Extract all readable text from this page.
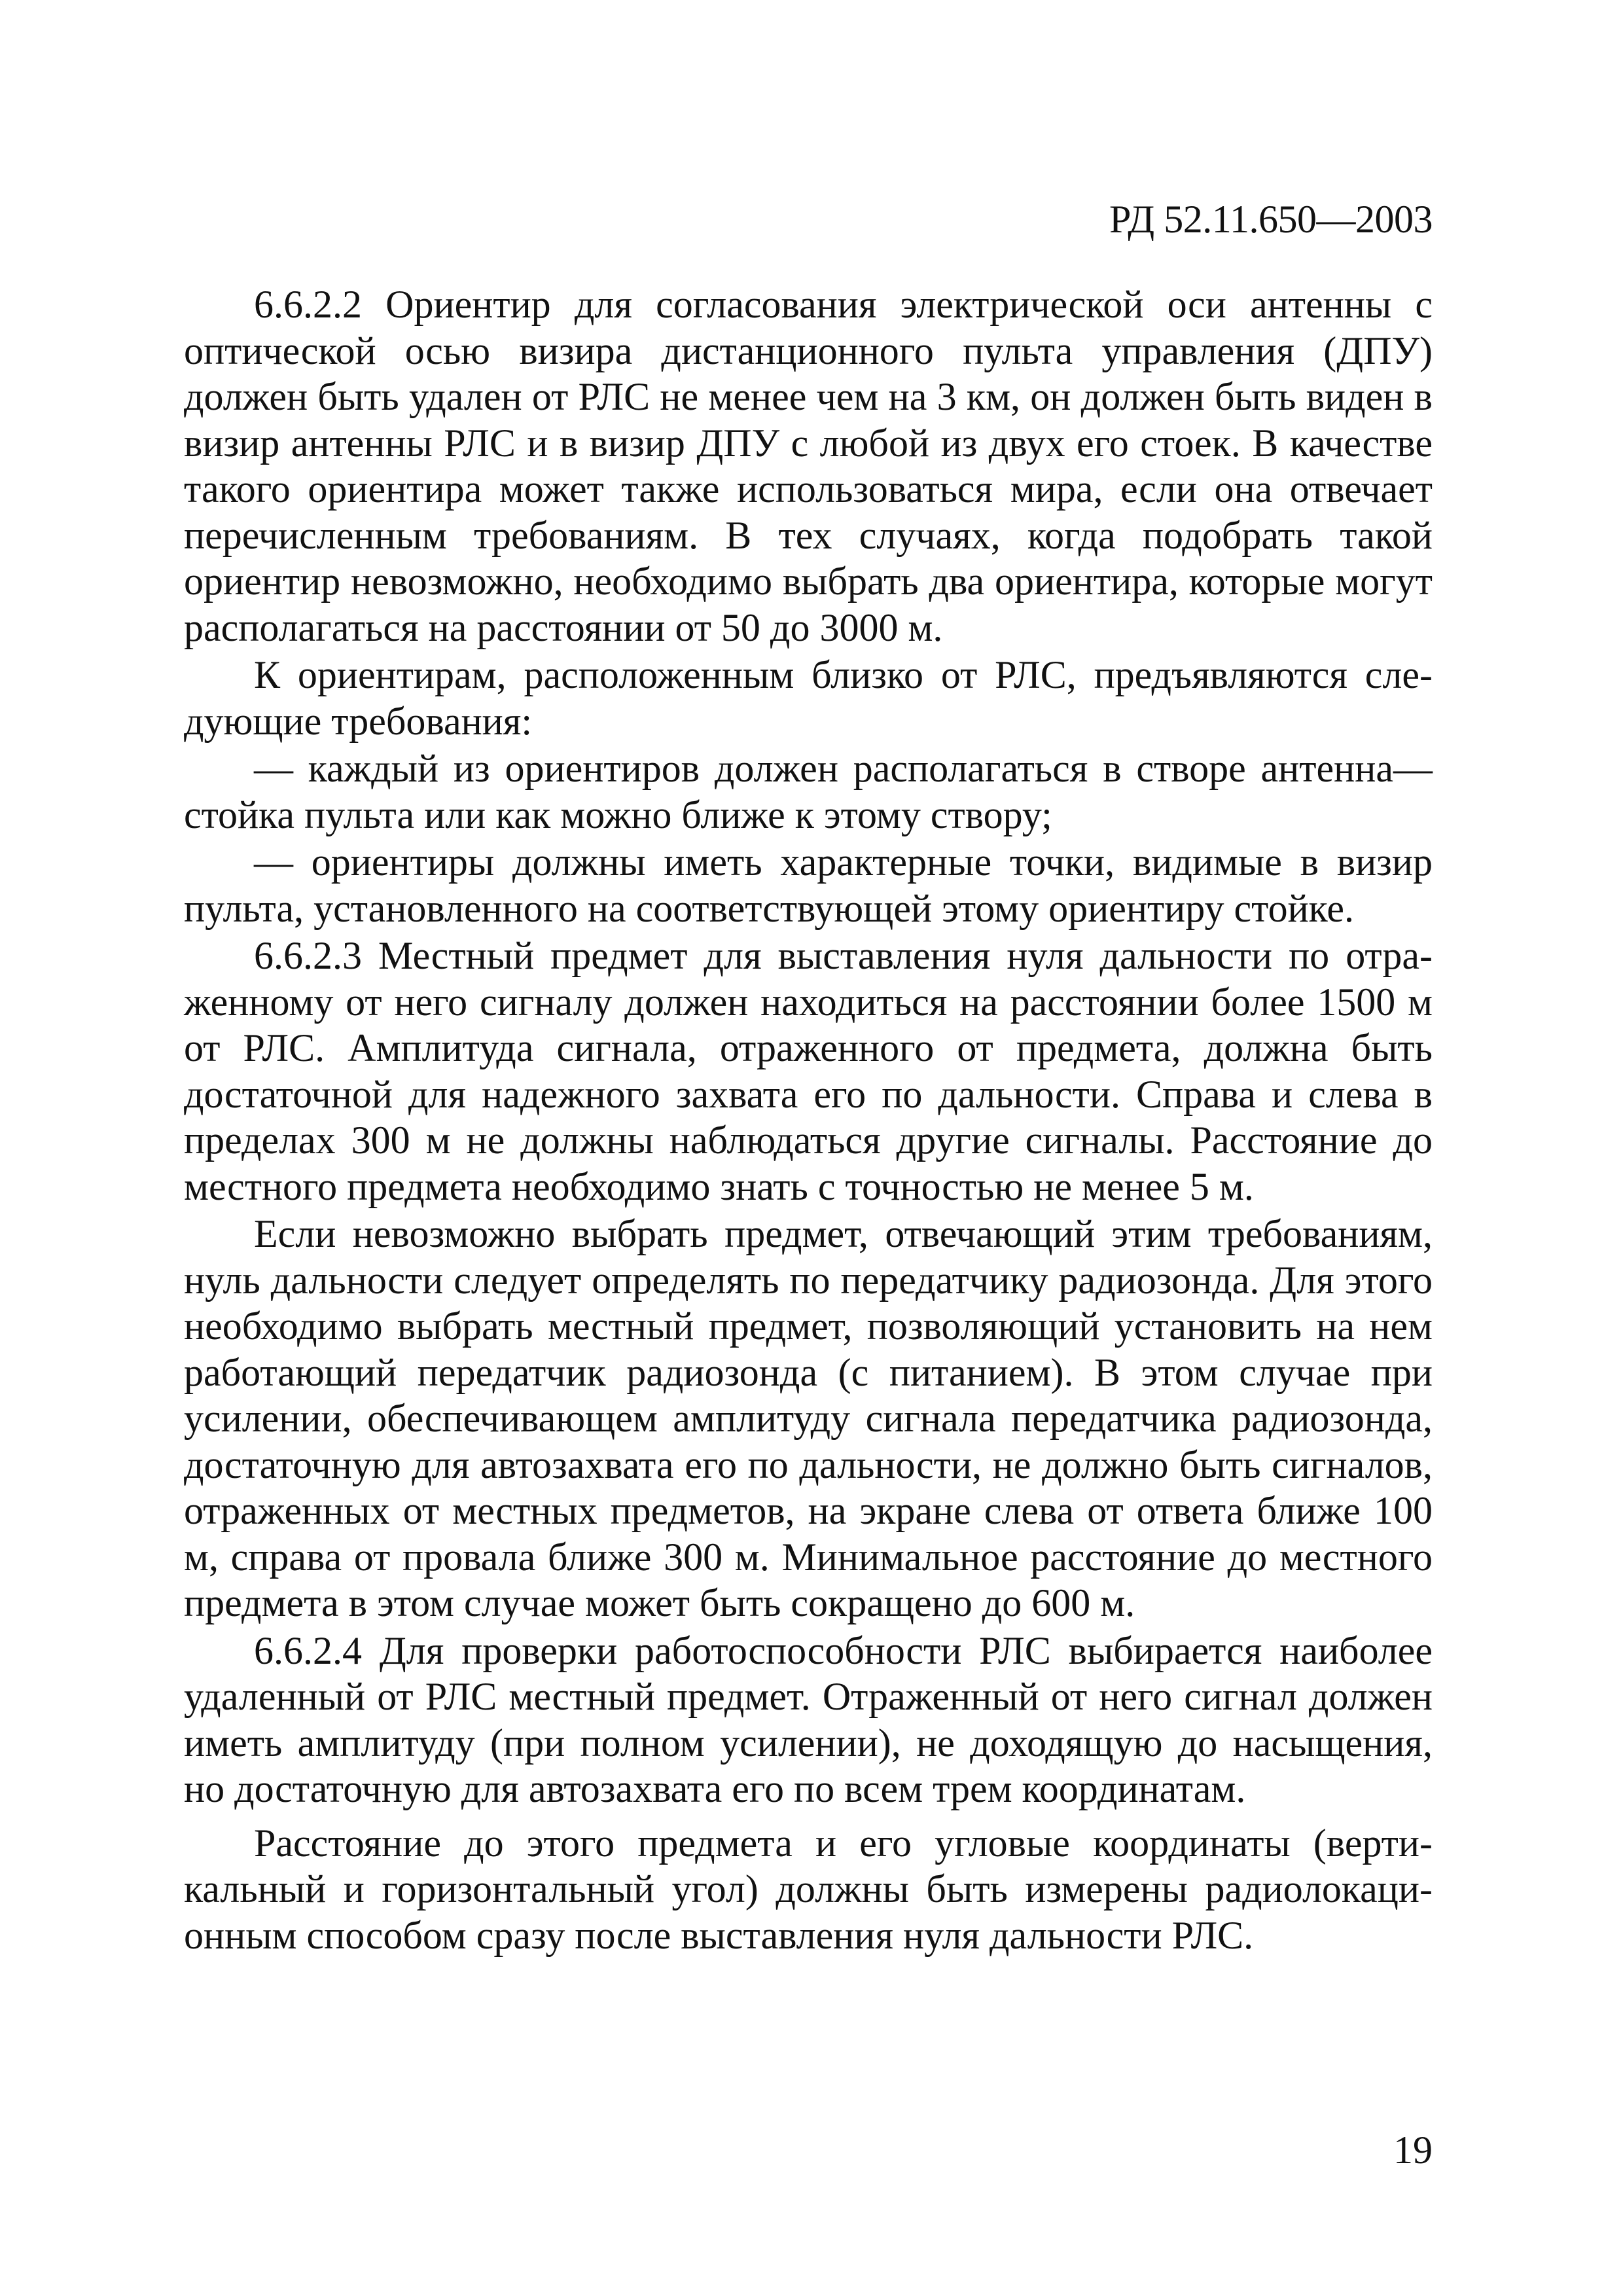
РД 52.11.650—2003

6.6.2.2 Ориентир для согласования электрической оси антенны с оптической осью визира дистанционного пульта управления (ДПУ) должен быть удален от РЛС не менее чем на 3 км, он должен быть виден в визир антенны РЛС и в визир ДПУ с любой из двух его стоек. В качестве такого ориентира может также использоваться мира, если она отвечает перечисленным требованиям. В тех случаях, когда подобрать такой ориентир невозможно, необходимо выбрать два ориентира, которые могут располагаться на расстоянии от 50 до 3000 м.

К ориентирам, расположенным близко от РЛС, предъявляются следующие требования:

— каждый из ориентиров должен располагаться в створе антенна— стойка пульта или как можно ближе к этому створу;

— ориентиры должны иметь характерные точки, видимые в визир пульта, установленного на соответствующей этому ориентиру стойке.

6.6.2.3 Местный предмет для выставления нуля дальности по отраженному от него сигналу должен находиться на расстоянии более 1500 м от РЛС. Амплитуда сигнала, отраженного от предмета, должна быть достаточной для надежного захвата его по дальности. Справа и слева в пределах 300 м не должны наблюдаться другие сигналы. Расстояние до местного предмета необходимо знать с точностью не менее 5 м.

Если невозможно выбрать предмет, отвечающий этим требованиям, нуль дальности следует определять по передатчику радиозонда. Для этого необходимо выбрать местный предмет, позволяющий установить на нем работающий передатчик радиозонда (с питанием). В этом случае при усилении, обеспечивающем амплитуду сигнала передатчика радиозонда, достаточную для автозахвата его по дальности, не должно быть сигналов, отраженных от местных предметов, на экране слева от ответа ближе 100 м, справа от провала ближе 300 м. Минимальное расстояние до местного предмета в этом случае может быть сокращено до 600 м.

6.6.2.4 Для проверки работоспособности РЛС выбирается наиболее удаленный от РЛС местный предмет. Отраженный от него сигнал должен иметь амплитуду (при полном усилении), не доходящую до насыщения, но достаточную для автозахвата его по всем трем координатам.

Расстояние до этого предмета и его угловые координаты (вертикальный и горизонтальный угол) должны быть измерены радиолокационным способом сразу после выставления нуля дальности РЛС.

19
